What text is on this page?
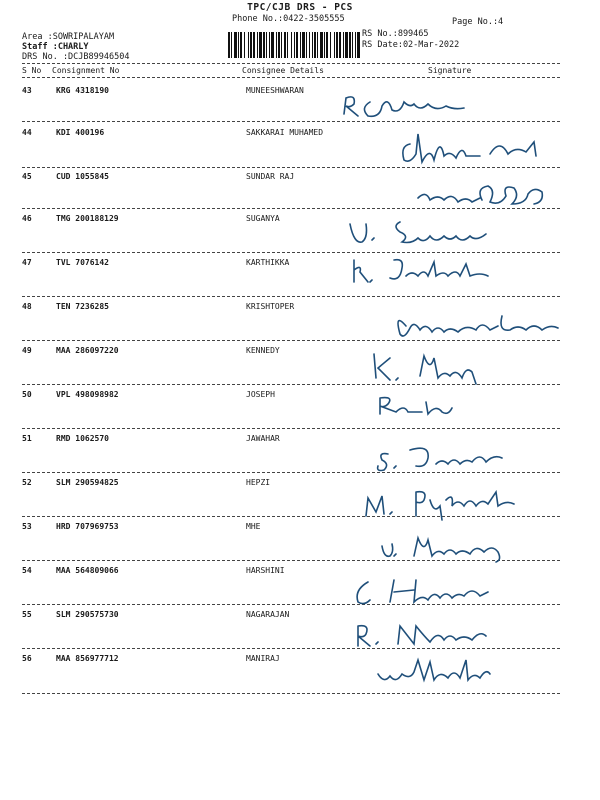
TPC/CJB DRS - PCS
Phone No.:0422-3505555	Page No.:4
RS No.:899465
RS Date:02-Mar-2022
Area :SOWRIPALAYAM
Staff :CHARLY
DRS No. :DCJB89946504
S No Consignment No	Consignee Details	Signature
43	KRG 4318190	MUNEESHWARAN
44	KDI 400196	SAKKARAI MUHAMED
45	CUD 1055845	SUNDAR RAJ
46	TMG 200188129	SUGANYA
47	TVL 7076142	KARTHIKKA
48	TEN 7236285	KRISHTOPER
49	MAA 286097220	KENNEDY
50	VPL 498098982	JOSEPH
51	RMD 1062570	JAWAHAR
52	SLM 290594825	HEPZI
53	HRD 707969753	MHE
54	MAA 564809066	HARSHINI
55	SLM 290575730	NAGARAJAN
56	MAA 856977712	MANIRAJ
